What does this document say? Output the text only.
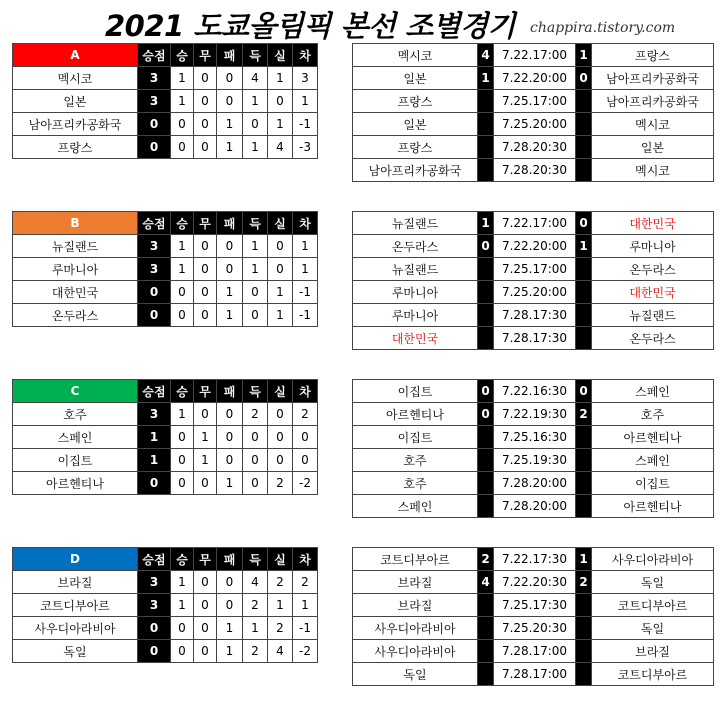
2021 도쿄올림픽 본선 조별경기 chappira.tistory.com
A	승점	승	무	패	득	실	차
멕시코	3	1	0	0	4	1	3
일본	3	1	0	0	1	0	1
남아프리카공화국	0	0	0	1	0	1	-1
프랑스	0	0	0	1	1	4	-3
멕시코	4	7.22.17:00	1	프랑스
일본	1	7.22.20:00	0	남아프리카공화국
프랑스		7.25.17:00		남아프리카공화국
일본		7.25.20:00		멕시코
프랑스		7.28.20:30		일본
남아프리카공화국		7.28.20:30		멕시코
B	승점	승	무	패	득	실	차
뉴질랜드	3	1	0	0	1	0	1
루마니아	3	1	0	0	1	0	1
대한민국	0	0	0	1	0	1	-1
온두라스	0	0	0	1	0	1	-1
뉴질랜드	1	7.22.17:00	0	대한민국
온두라스	0	7.22.20:00	1	루마니아
뉴질랜드		7.25.17:00		온두라스
루마니아		7.25.20:00		대한민국
루마니아		7.28.17:30		뉴질랜드
대한민국		7.28.17:30		온두라스
C	승점	승	무	패	득	실	차
호주	3	1	0	0	2	0	2
스페인	1	0	1	0	0	0	0
이집트	1	0	1	0	0	0	0
아르헨티나	0	0	0	1	0	2	-2
이집트	0	7.22.16:30	0	스페인
아르헨티나	0	7.22.19:30	2	호주
이집트		7.25.16:30		아르헨티나
호주		7.25.19:30		스페인
호주		7.28.20:00		이집트
스페인		7.28.20:00		아르헨티나
D	승점	승	무	패	득	실	차
브라질	3	1	0	0	4	2	2
코트디부아르	3	1	0	0	2	1	1
사우디아라비아	0	0	0	1	1	2	-1
독일	0	0	0	1	2	4	-2
코트디부아르	2	7.22.17:30	1	사우디아라비아
브라질	4	7.22.20:30	2	독일
브라질		7.25.17:30		코트디부아르
사우디아라비아		7.25.20:30		독일
사우디아라비아		7.28.17:00		브라질
독일		7.28.17:00		코트디부아르
